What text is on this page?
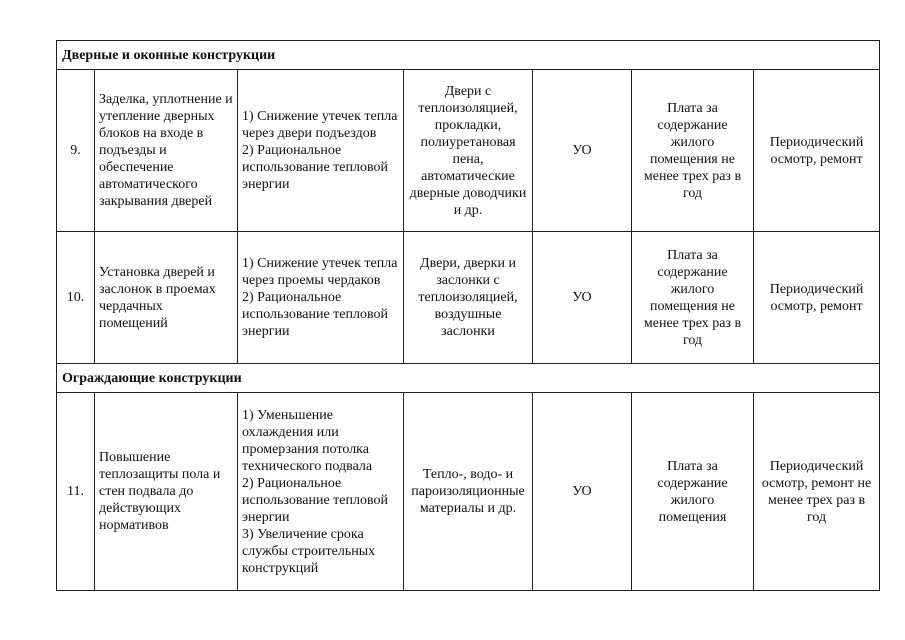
Дверные и оконные конструкции						
9.	Заделка, уплотнение и утепление дверных блоков на входе в подъезды и обеспечение автоматического закрывания дверей	1) Снижение утечек тепла через двери подъездов
2) Рациональное использование тепловой энергии	Двери с теплоизоляцией, прокладки, полиуретановая пена, автоматические дверные доводчики и др.	УО	Плата за содержание жилого помещения не менее трех раз в год	Периодический осмотр, ремонт
10.	Установка дверей и заслонок в проемах чердачных помещений	1) Снижение утечек тепла через проемы чердаков
2) Рациональное использование тепловой энергии	Двери, дверки и заслонки с теплоизоляцией, воздушные заслонки	УО	Плата за содержание жилого помещения не менее трех раз в год	Периодический осмотр, ремонт
Ограждающие конструкции						
11.	Повышение теплозащиты пола и стен подвала до действующих нормативов	1) Уменьшение охлаждения или промерзания потолка технического подвала
2) Рациональное использование тепловой энергии
3) Увеличение срока службы строительных конструкций	Тепло-, водо- и пароизоляционные материалы и др.	УО	Плата за содержание жилого помещения	Периодический осмотр, ремонт не менее трех раз в год
